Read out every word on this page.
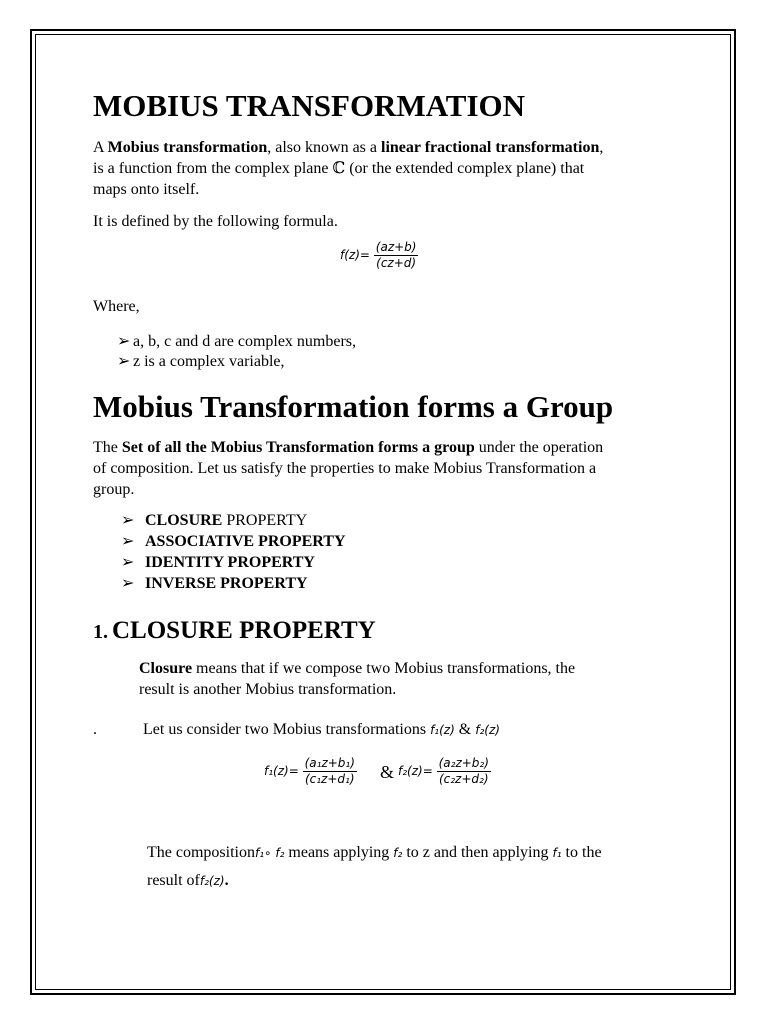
MOBIUS TRANSFORMATION
A Mobius transformation, also known as a linear fractional transformation,
is a function from the complex plane ℂ (or the extended complex plane) that
maps onto itself.
It is defined by the following formula.
$f(z)= \frac{(az+b)}{(cz+d)}$
Where,
➢ a, b, c and d are complex numbers,
➢ z is a complex variable,
Mobius Transformation forms a Group
The Set of all the Mobius Transformation forms a group under the operation
of composition. Let us satisfy the properties to make Mobius Transformation a
group.
➢ CLOSURE PROPERTY
➢ ASSOCIATIVE PROPERTY
➢ IDENTITY PROPERTY
➢ INVERSE PROPERTY
1. CLOSURE PROPERTY
Closure means that if we compose two Mobius transformations, the
result is another Mobius transformation.
.	Let us consider two Mobius transformations f₁(z) & f₂(z)
$f_1(z)= \frac{\text{(a₁z+b₁)}}{\text{(c₁z+d₁)}}$ & $f_2(z)= \frac{\text{(a₂z+b₂)}}{\text{(c₂z+d₂)}}$
The compositionf₁∘ f₂ means applying f₂ to z and then applying f₁ to the
result off₂(z).
